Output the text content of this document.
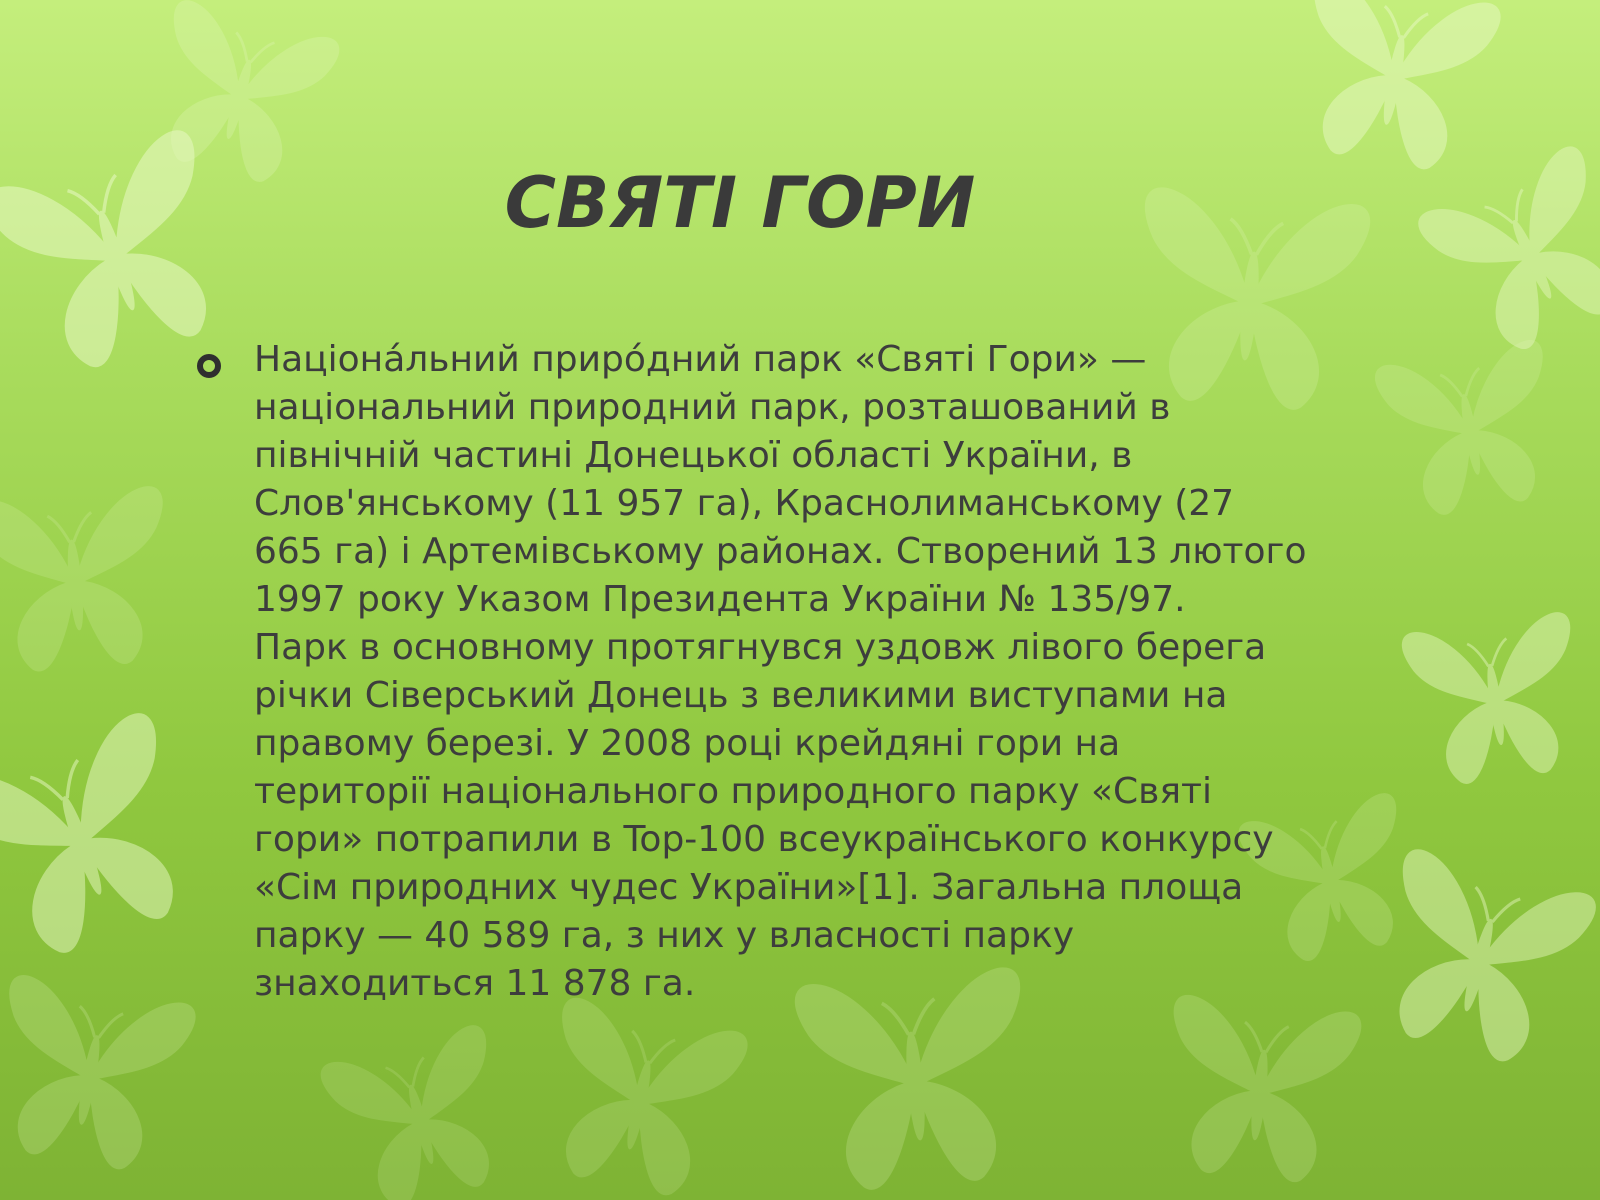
СВЯТІ ГОРИ

Націона́льний приро́дний парк «Святі Гори» —
національний природний парк, розташований в
північній частині Донецької області України, в
Слов'янському (11 957 га), Краснолиманському (27
665 га) і Артемівському районах. Створений 13 лютого
1997 року Указом Президента України № 135/97.
Парк в основному протягнувся уздовж лівого берега
річки Сіверський Донець з великими виступами на
правому березі. У 2008 році крейдяні гори на
території національного природного парку «Святі
гори» потрапили в Top-100 всеукраїнського конкурсу
«Сім природних чудес України»[1]. Загальна площа
парку — 40 589 га, з них у власності парку
знаходиться 11 878 га.
